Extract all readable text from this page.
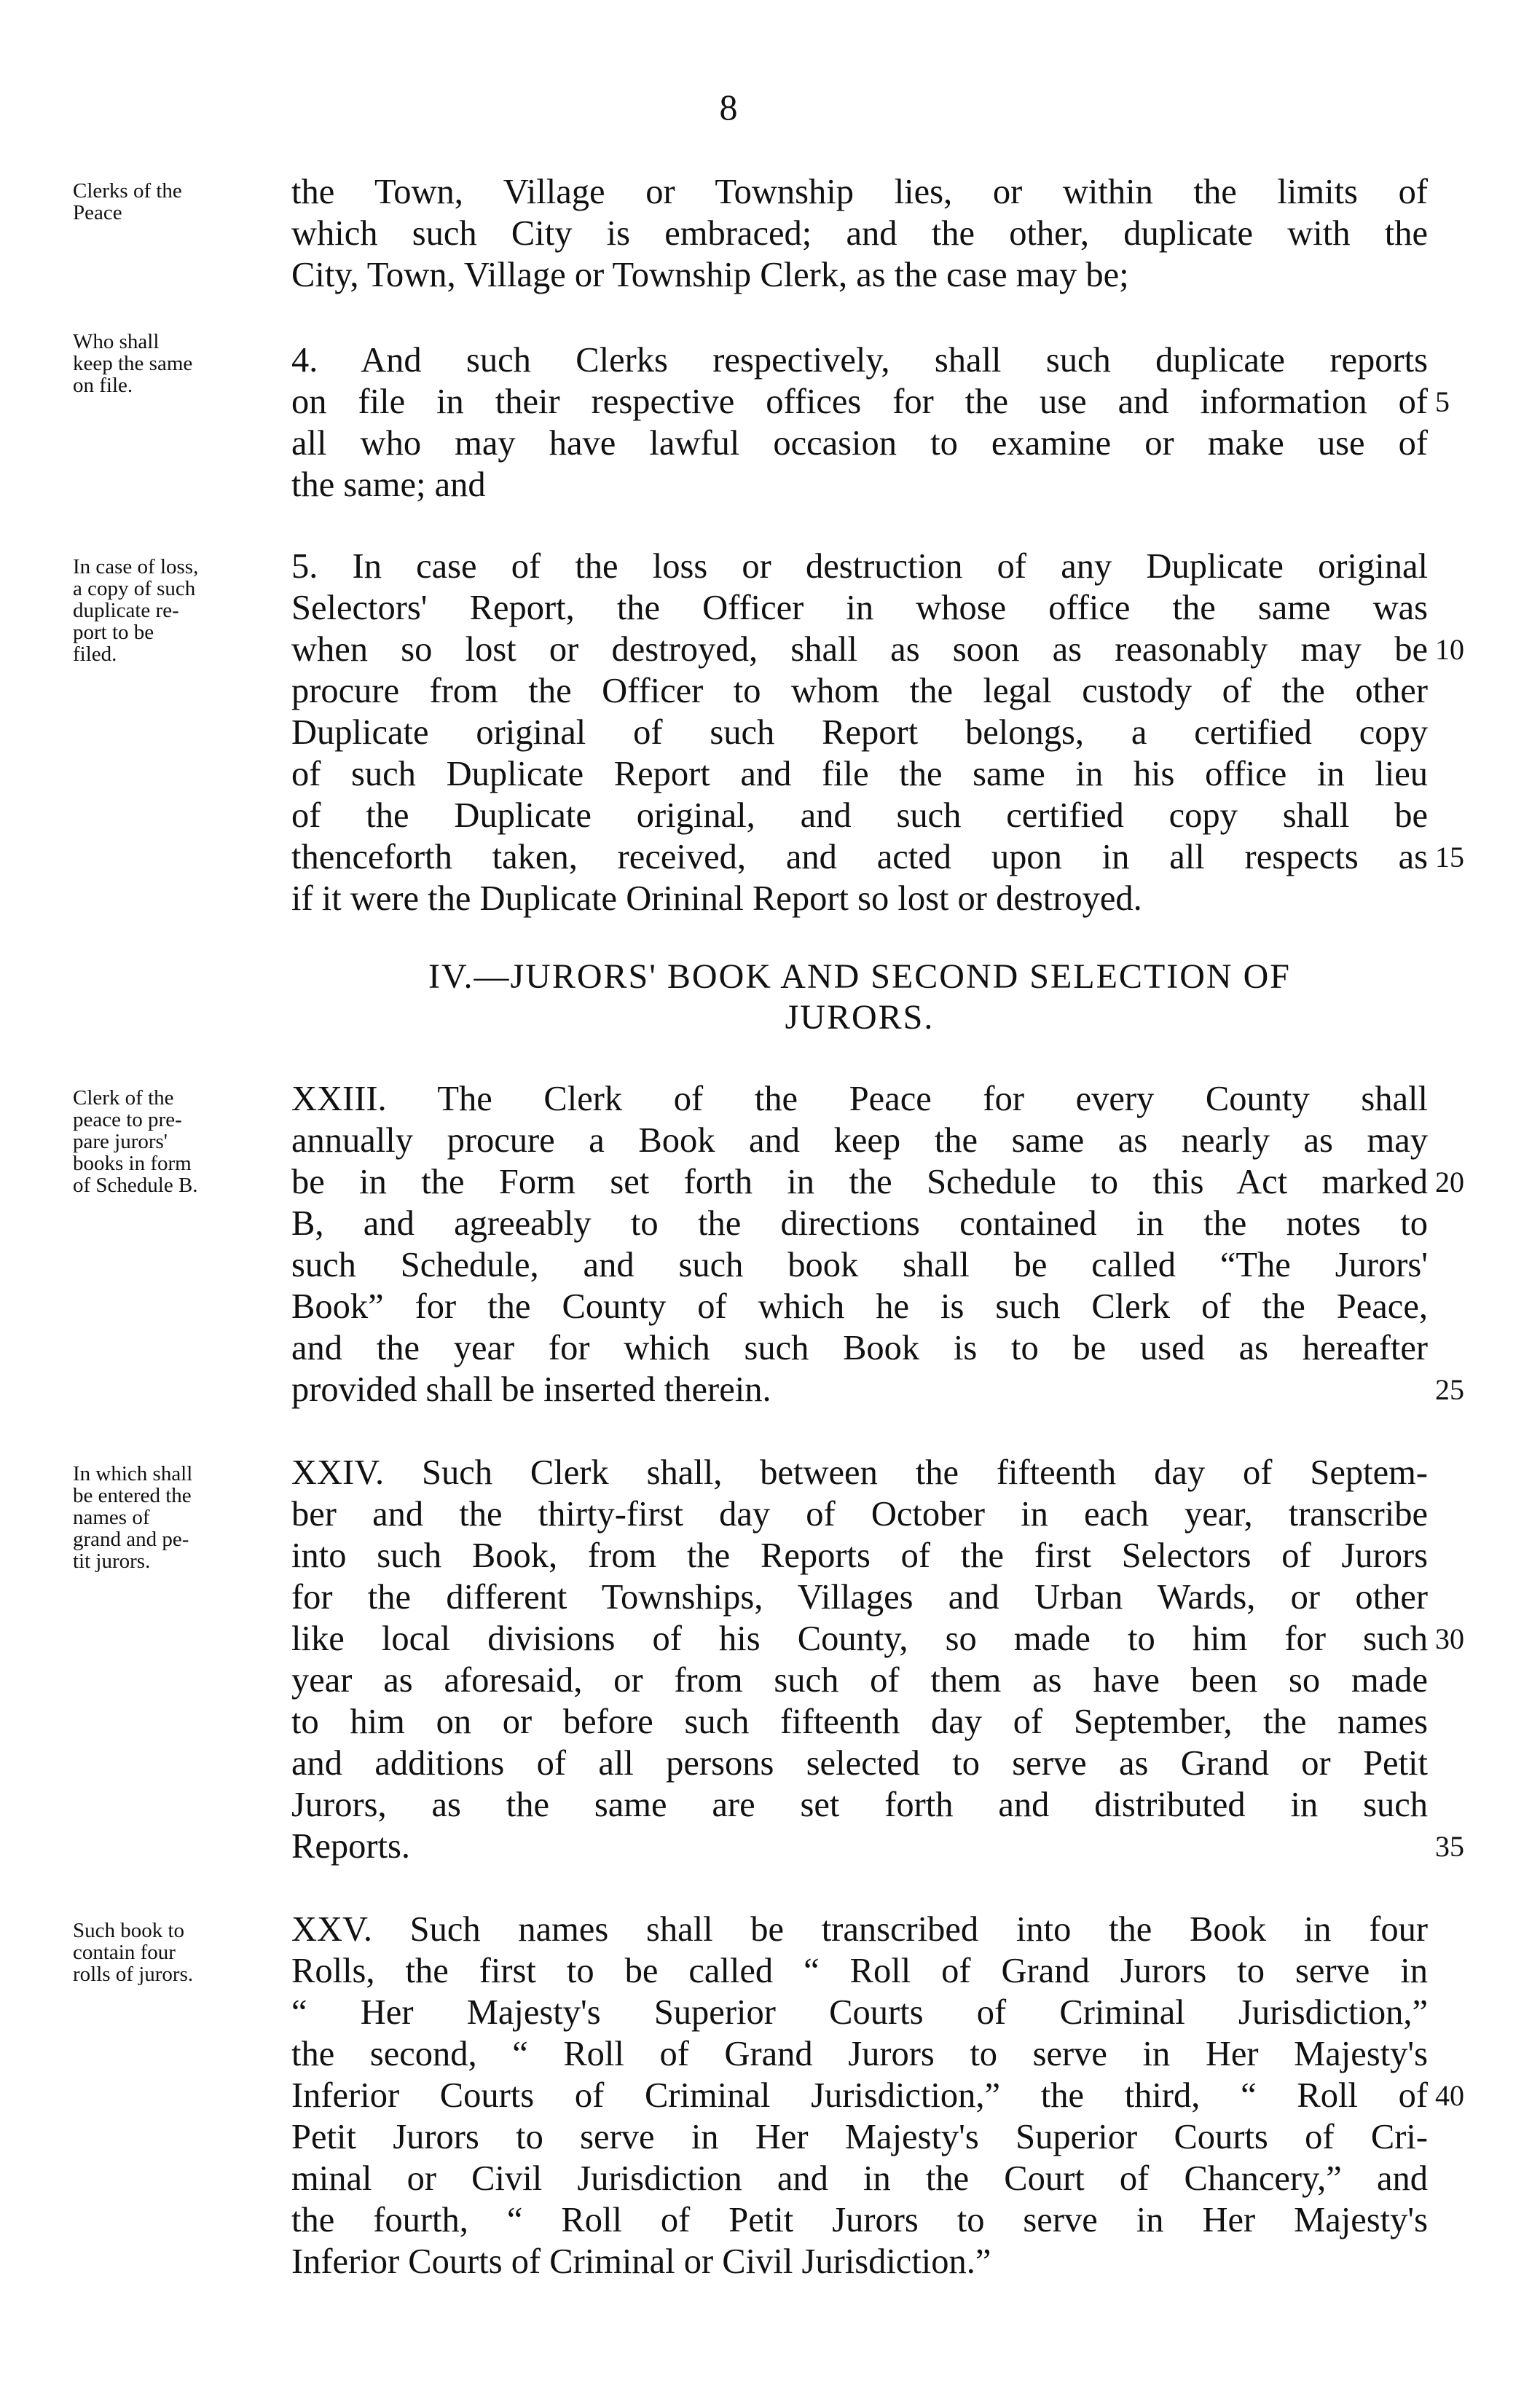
8
Clerks of the
Peace
the Town, Village or Township lies, or within the limits of
which such City is embraced; and the other, duplicate with the
City, Town, Village or Township Clerk, as the case may be;
Who shall
keep the same
on file.
4. And such Clerks respectively, shall such duplicate reports
on file in their respective offices for the use and information of
all who may have lawful occasion to examine or make use of
the same; and
5
In case of loss,
a copy of such
duplicate re-
port to be
filed.
5. In case of the loss or destruction of any Duplicate original
Selectors' Report, the Officer in whose office the same was
when so lost or destroyed, shall as soon as reasonably may be
procure from the Officer to whom the legal custody of the other
Duplicate original of such Report belongs, a certified copy
of such Duplicate Report and file the same in his office in lieu
of the Duplicate original, and such certified copy shall be
thenceforth taken, received, and acted upon in all respects as
if it were the Duplicate Orininal Report so lost or destroyed.
10
15
IV.—JURORS' BOOK AND SECOND SELECTION OF
JURORS.
Clerk of the
peace to pre-
pare jurors'
books in form
of Schedule B.
XXIII. The Clerk of the Peace for every County shall
annually procure a Book and keep the same as nearly as may
be in the Form set forth in the Schedule to this Act marked
B, and agreeably to the directions contained in the notes to
such Schedule, and such book shall be called “The Jurors'
Book” for the County of which he is such Clerk of the Peace,
and the year for which such Book is to be used as hereafter
provided shall be inserted therein.
20
25
In which shall
be entered the
names of
grand and pe-
tit jurors.
XXIV. Such Clerk shall, between the fifteenth day of Septem-
ber and the thirty-first day of October in each year, transcribe
into such Book, from the Reports of the first Selectors of Jurors
for the different Townships, Villages and Urban Wards, or other
like local divisions of his County, so made to him for such
year as aforesaid, or from such of them as have been so made
to him on or before such fifteenth day of September, the names
and additions of all persons selected to serve as Grand or Petit
Jurors, as the same are set forth and distributed in such
Reports.
30
35
Such book to
contain four
rolls of jurors.
XXV. Such names shall be transcribed into the Book in four
Rolls, the first to be called “ Roll of Grand Jurors to serve in
“ Her Majesty's Superior Courts of Criminal Jurisdiction,”
the second, “ Roll of Grand Jurors to serve in Her Majesty's
Inferior Courts of Criminal Jurisdiction,” the third, “ Roll of
Petit Jurors to serve in Her Majesty's Superior Courts of Cri-
minal or Civil Jurisdiction and in the Court of Chancery,” and
the fourth, “ Roll of Petit Jurors to serve in Her Majesty's
Inferior Courts of Criminal or Civil Jurisdiction.”
40
